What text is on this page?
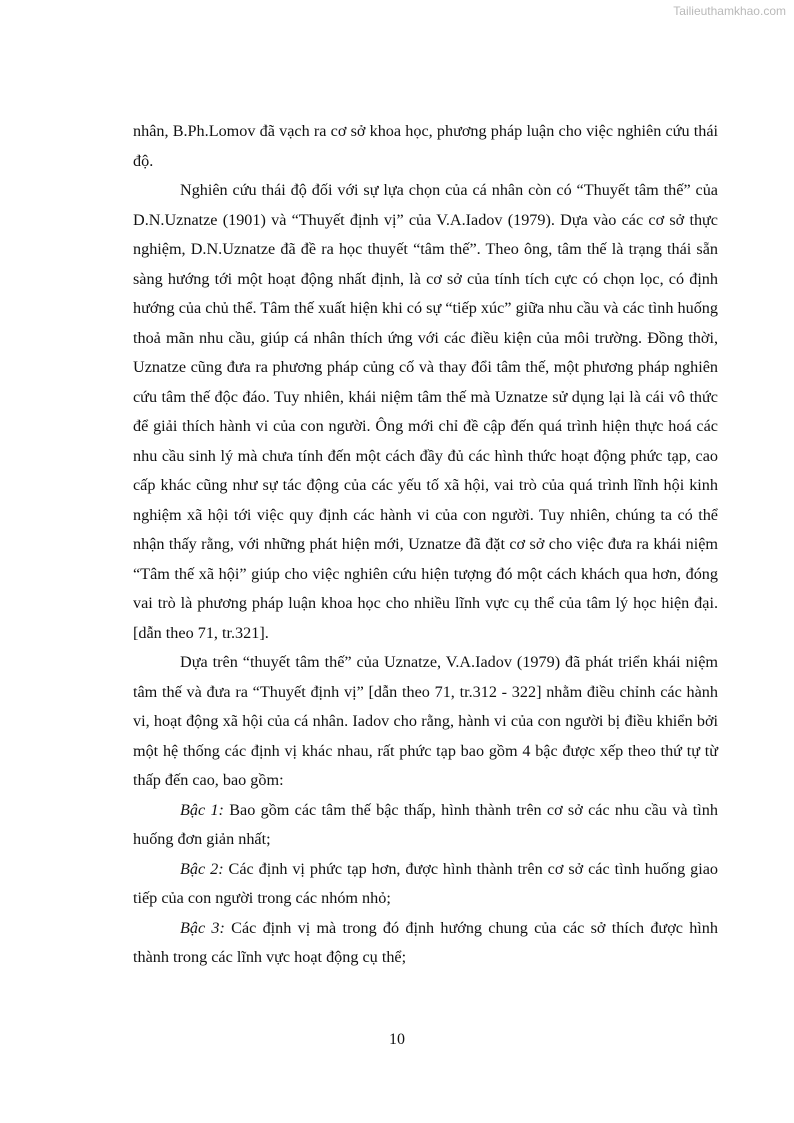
Tailieuthamkhao.com

nhân, B.Ph.Lomov đã vạch ra cơ sở khoa học, phương pháp luận cho việc nghiên cứu thái độ.

Nghiên cứu thái độ đối với sự lựa chọn của cá nhân còn có “Thuyết tâm thế” của D.N.Uznatze (1901) và “Thuyết định vị” của V.A.Iadov (1979). Dựa vào các cơ sở thực nghiệm, D.N.Uznatze đã đề ra học thuyết “tâm thế”. Theo ông, tâm thế là trạng thái sẵn sàng hướng tới một hoạt động nhất định, là cơ sở của tính tích cực có chọn lọc, có định hướng của chủ thể. Tâm thế xuất hiện khi có sự “tiếp xúc” giữa nhu cầu và các tình huống thoả mãn nhu cầu, giúp cá nhân thích ứng với các điều kiện của môi trường. Đồng thời, Uznatze cũng đưa ra phương pháp củng cố và thay đổi tâm thế, một phương pháp nghiên cứu tâm thế độc đáo. Tuy nhiên, khái niệm tâm thế mà Uznatze sử dụng lại là cái vô thức để giải thích hành vi của con người. Ông mới chỉ đề cập đến quá trình hiện thực hoá các nhu cầu sinh lý mà chưa tính đến một cách đầy đủ các hình thức hoạt động phức tạp, cao cấp khác cũng như sự tác động của các yếu tố xã hội, vai trò của quá trình lĩnh hội kinh nghiệm xã hội tới việc quy định các hành vi của con người. Tuy nhiên, chúng ta có thể nhận thấy rằng, với những phát hiện mới, Uznatze đã đặt cơ sở cho việc đưa ra khái niệm “Tâm thế xã hội” giúp cho việc nghiên cứu hiện tượng đó một cách khách qua hơn, đóng vai trò là phương pháp luận khoa học cho nhiều lĩnh vực cụ thể của tâm lý học hiện đại. [dẫn theo 71, tr.321].

Dựa trên “thuyết tâm thế” của Uznatze, V.A.Iadov (1979) đã phát triển khái niệm tâm thế và đưa ra “Thuyết định vị” [dẫn theo 71, tr.312 - 322] nhằm điều chỉnh các hành vi, hoạt động xã hội của cá nhân. Iadov cho rằng, hành vi của con người bị điều khiển bởi một hệ thống các định vị khác nhau, rất phức tạp bao gồm 4 bậc được xếp theo thứ tự từ thấp đến cao, bao gồm:

Bậc 1: Bao gồm các tâm thế bậc thấp, hình thành trên cơ sở các nhu cầu và tình huống đơn giản nhất;

Bậc 2: Các định vị phức tạp hơn, được hình thành trên cơ sở các tình huống giao tiếp của con người trong các nhóm nhỏ;

Bậc 3: Các định vị mà trong đó định hướng chung của các sở thích được hình thành trong các lĩnh vực hoạt động cụ thể;

10
